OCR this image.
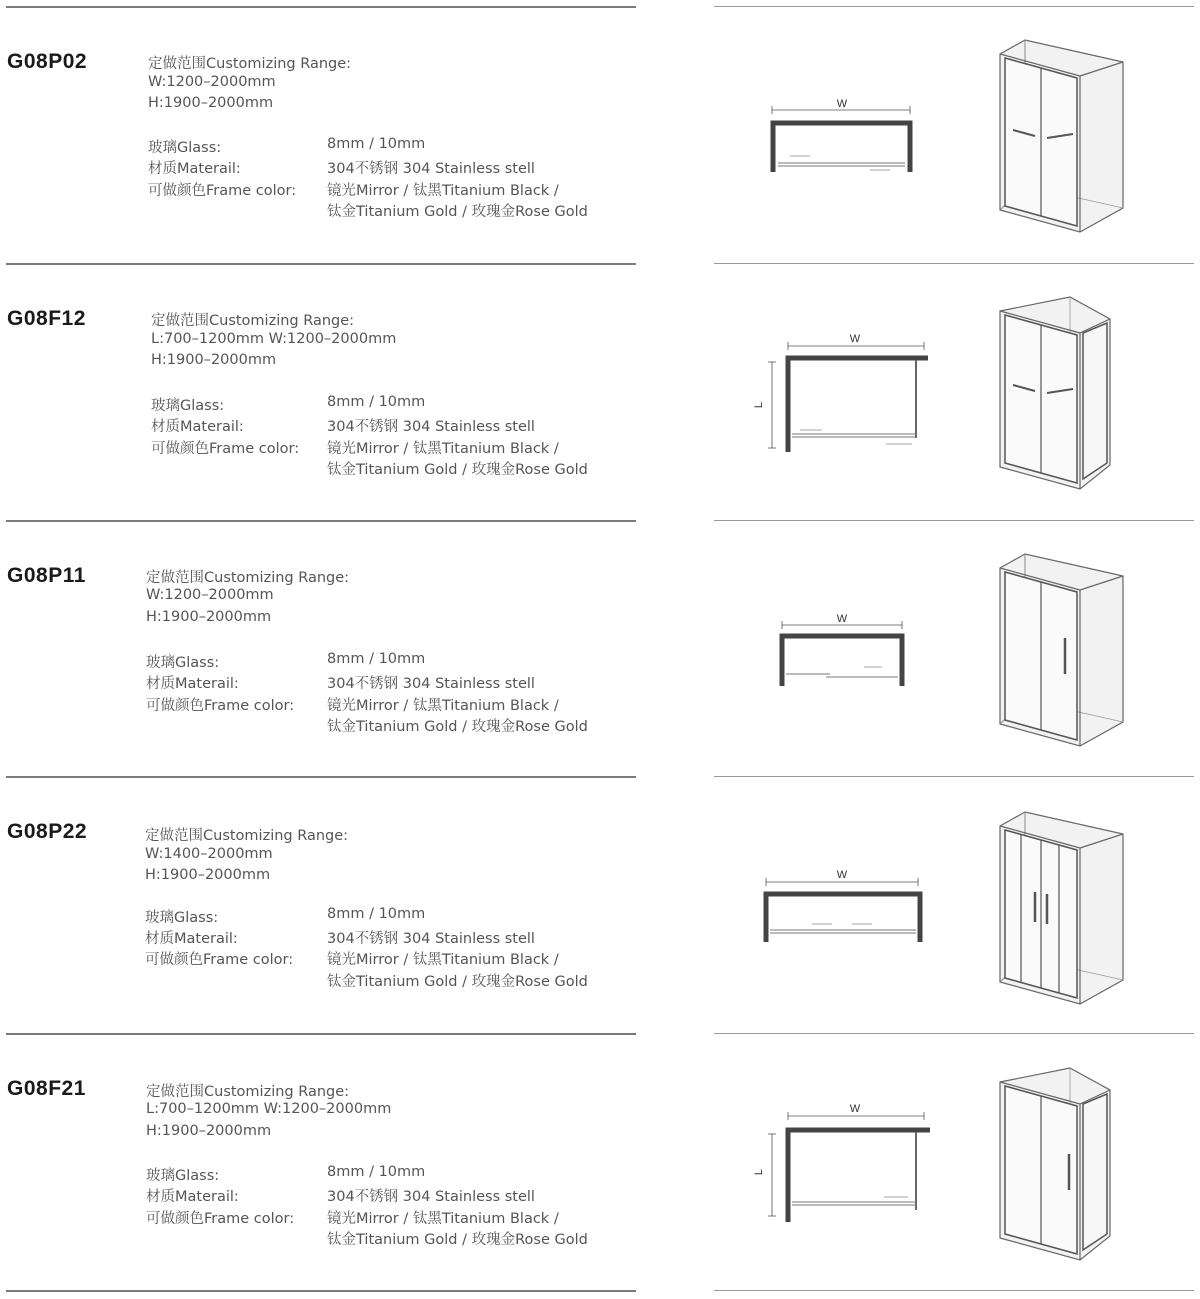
G08P02	定做范围Customizing Range:
W:1200–2000mm
H:1900–2000mm
玻璃Glass:	8mm / 10mm
材质Materail:	304不锈钢 304 Stainless stell
可做颜色Frame color: 镜光Mirror / 钛黑Titanium Black /
钛金Titanium Gold / 玫瑰金Rose Gold
W
G08F12	定做范围Customizing Range:
L:700–1200mm W:1200–2000mm
H:1900–2000mm
玻璃Glass:	8mm / 10mm
材质Materail:	304不锈钢 304 Stainless stell
可做颜色Frame color: 镜光Mirror / 钛黑Titanium Black /
钛金Titanium Gold / 玫瑰金Rose Gold
W
L
G08P11	定做范围Customizing Range:
W:1200–2000mm
H:1900–2000mm
玻璃Glass:	8mm / 10mm
材质Materail:	304不锈钢 304 Stainless stell
可做颜色Frame color: 镜光Mirror / 钛黑Titanium Black /
钛金Titanium Gold / 玫瑰金Rose Gold
W
G08P22	定做范围Customizing Range:
W:1400–2000mm
H:1900–2000mm
玻璃Glass:	8mm / 10mm
材质Materail:	304不锈钢 304 Stainless stell
可做颜色Frame color: 镜光Mirror / 钛黑Titanium Black /
钛金Titanium Gold / 玫瑰金Rose Gold
W
G08F21	定做范围Customizing Range:
L:700–1200mm W:1200–2000mm
H:1900–2000mm
玻璃Glass:	8mm / 10mm
材质Materail:	304不锈钢 304 Stainless stell
可做颜色Frame color: 镜光Mirror / 钛黑Titanium Black /
钛金Titanium Gold / 玫瑰金Rose Gold
W
L
